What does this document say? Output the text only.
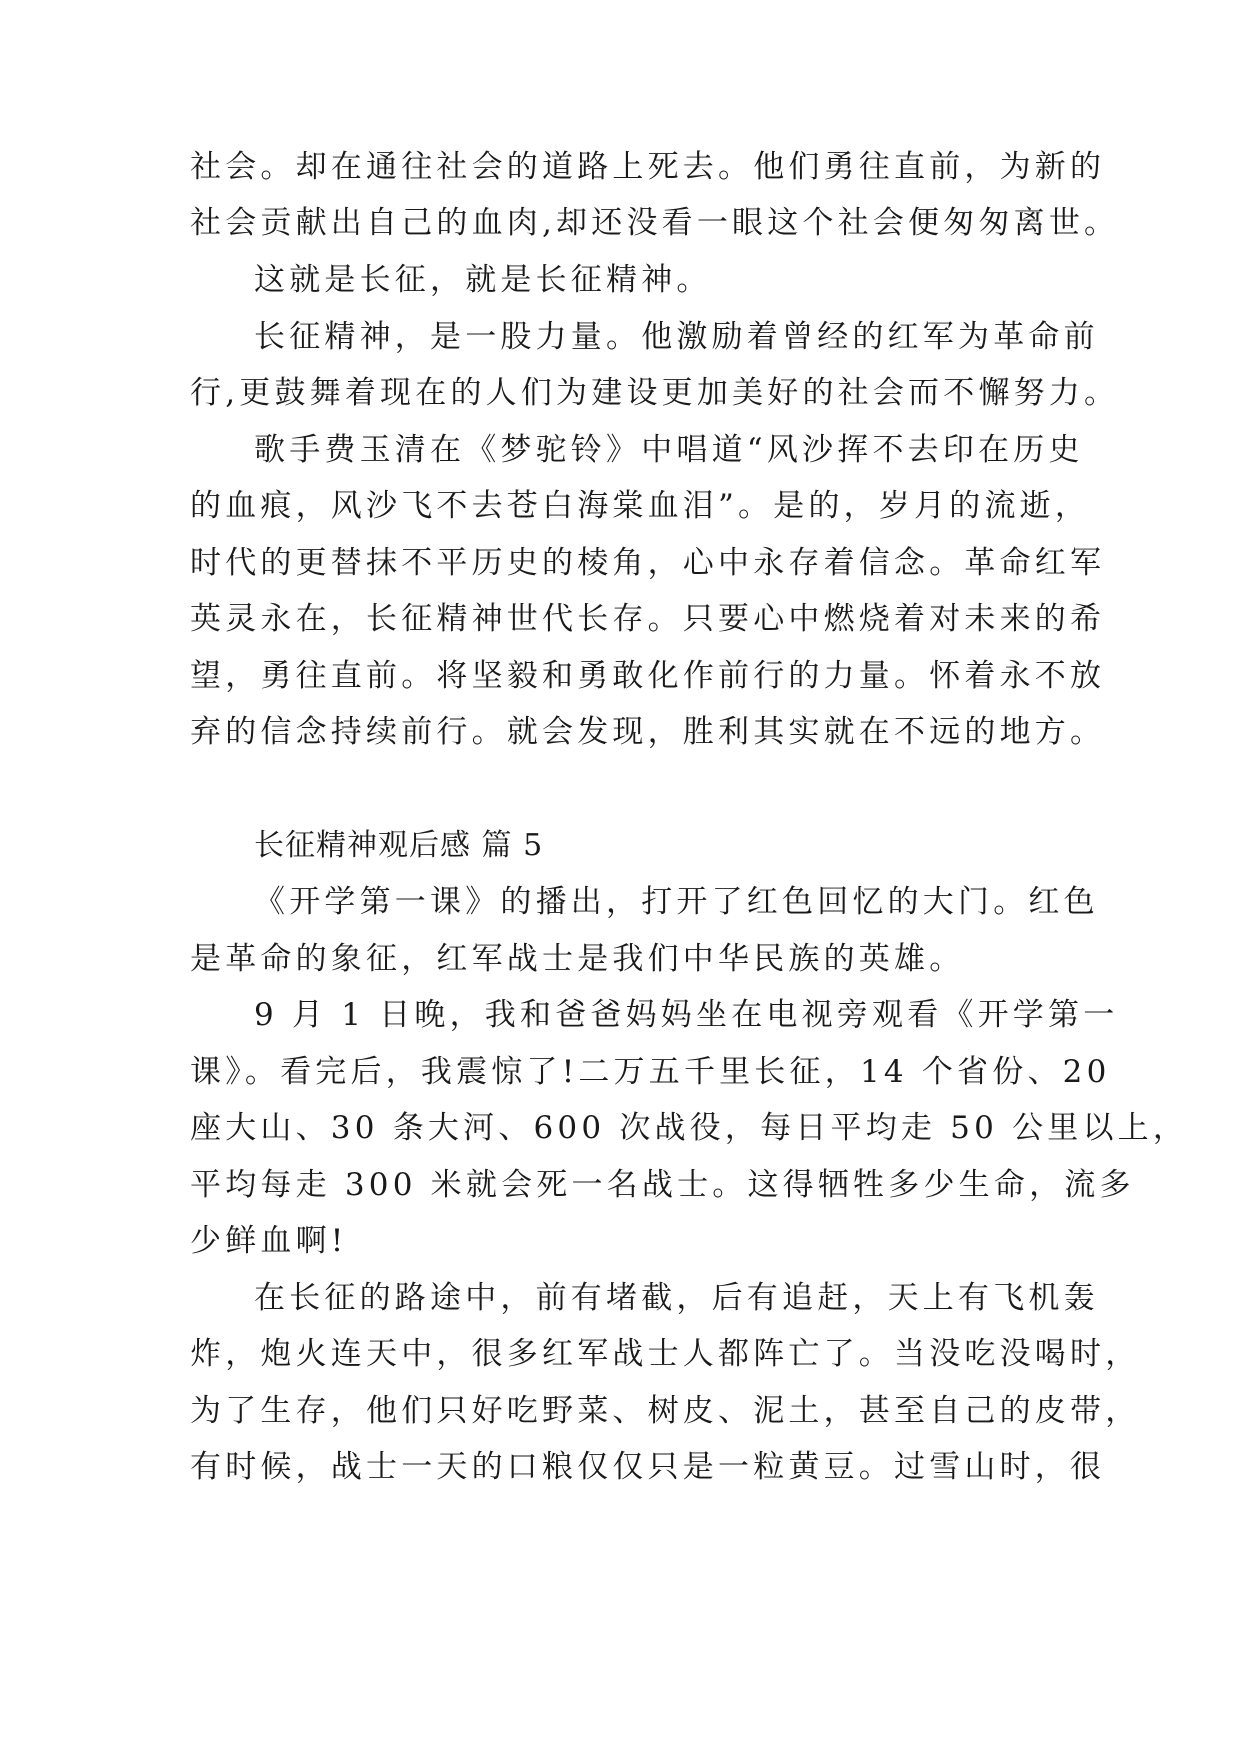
社会。却在通往社会的道路上死去。他们勇往直前，为新的
社会贡献出自己的血肉,却还没看一眼这个社会便匆匆离世。
这就是长征，就是长征精神。
长征精神，是一股力量。他激励着曾经的红军为革命前
行,更鼓舞着现在的人们为建设更加美好的社会而不懈努力。
歌手费玉清在《梦驼铃》中唱道“风沙挥不去印在历史
的血痕，风沙飞不去苍白海棠血泪”。是的，岁月的流逝，
时代的更替抹不平历史的棱角，心中永存着信念。革命红军
英灵永在，长征精神世代长存。只要心中燃烧着对未来的希
望，勇往直前。将坚毅和勇敢化作前行的力量。怀着永不放
弃的信念持续前行。就会发现，胜利其实就在不远的地方。
长征精神观后感 篇 5
《开学第一课》的播出，打开了红色回忆的大门。红色
是革命的象征，红军战士是我们中华民族的英雄。
9 月 1 日晚，我和爸爸妈妈坐在电视旁观看《开学第一
课》。看完后，我震惊了!二万五千里长征，14 个省份、20
座大山、30 条大河、600 次战役，每日平均走 50 公里以上，
平均每走 300 米就会死一名战士。这得牺牲多少生命，流多
少鲜血啊!
在长征的路途中，前有堵截，后有追赶，天上有飞机轰
炸，炮火连天中，很多红军战士人都阵亡了。当没吃没喝时，
为了生存，他们只好吃野菜、树皮、泥土，甚至自己的皮带，
有时候，战士一天的口粮仅仅只是一粒黄豆。过雪山时，很
